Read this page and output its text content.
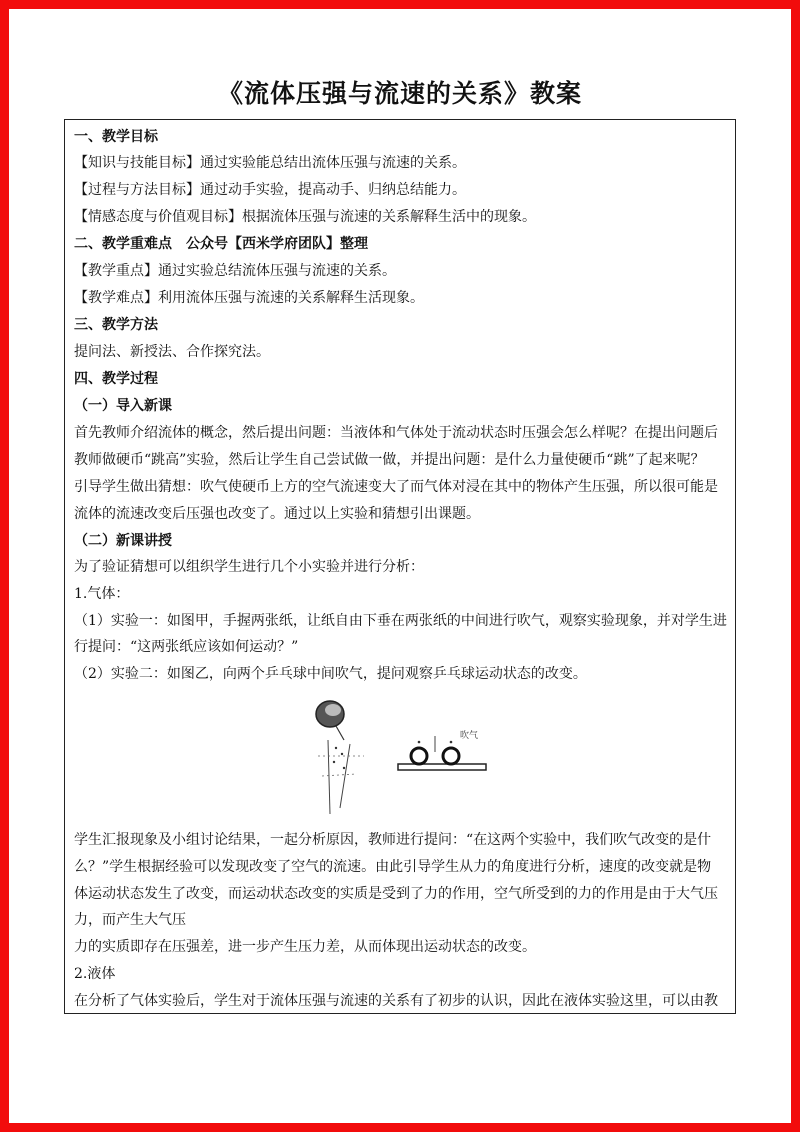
《流体压强与流速的关系》教案
一、教学目标
【知识与技能目标】通过实验能总结出流体压强与流速的关系。
【过程与方法目标】通过动手实验，提高动手、归纳总结能力。
【情感态度与价值观目标】根据流体压强与流速的关系解释生活中的现象。
二、教学重难点　公众号【西米学府团队】整理
【教学重点】通过实验总结流体压强与流速的关系。
【教学难点】利用流体压强与流速的关系解释生活现象。
三、教学方法
提问法、新授法、合作探究法。
四、教学过程
（一）导入新课
首先教师介绍流体的概念，然后提出问题：当液体和气体处于流动状态时压强会怎么样呢？在提出问题后
教师做硬币“跳高”实验，然后让学生自己尝试做一做，并提出问题：是什么力量使硬币“跳”了起来呢？
引导学生做出猜想：吹气使硬币上方的空气流速变大了而气体对浸在其中的物体产生压强，所以很可能是
流体的流速改变后压强也改变了。通过以上实验和猜想引出课题。
（二）新课讲授
为了验证猜想可以组织学生进行几个小实验并进行分析：
1.气体：
（1）实验一：如图甲，手握两张纸，让纸自由下垂在两张纸的中间进行吹气，观察实验现象，并对学生进
行提问：“这两张纸应该如何运动？”
（2）实验二：如图乙，向两个乒乓球中间吹气，提问观察乒乓球运动状态的改变。
吹气
学生汇报现象及小组讨论结果，一起分析原因，教师进行提问：“在这两个实验中，我们吹气改变的是什
么？”学生根据经验可以发现改变了空气的流速。由此引导学生从力的角度进行分析，速度的改变就是物
体运动状态发生了改变，而运动状态改变的实质是受到了力的作用，空气所受到的力的作用是由于大气压
力，而产生大气压
力的实质即存在压强差，进一步产生压力差，从而体现出运动状态的改变。
2.液体
在分析了气体实验后，学生对于流体压强与流速的关系有了初步的认识，因此在液体实验这里，可以由教
